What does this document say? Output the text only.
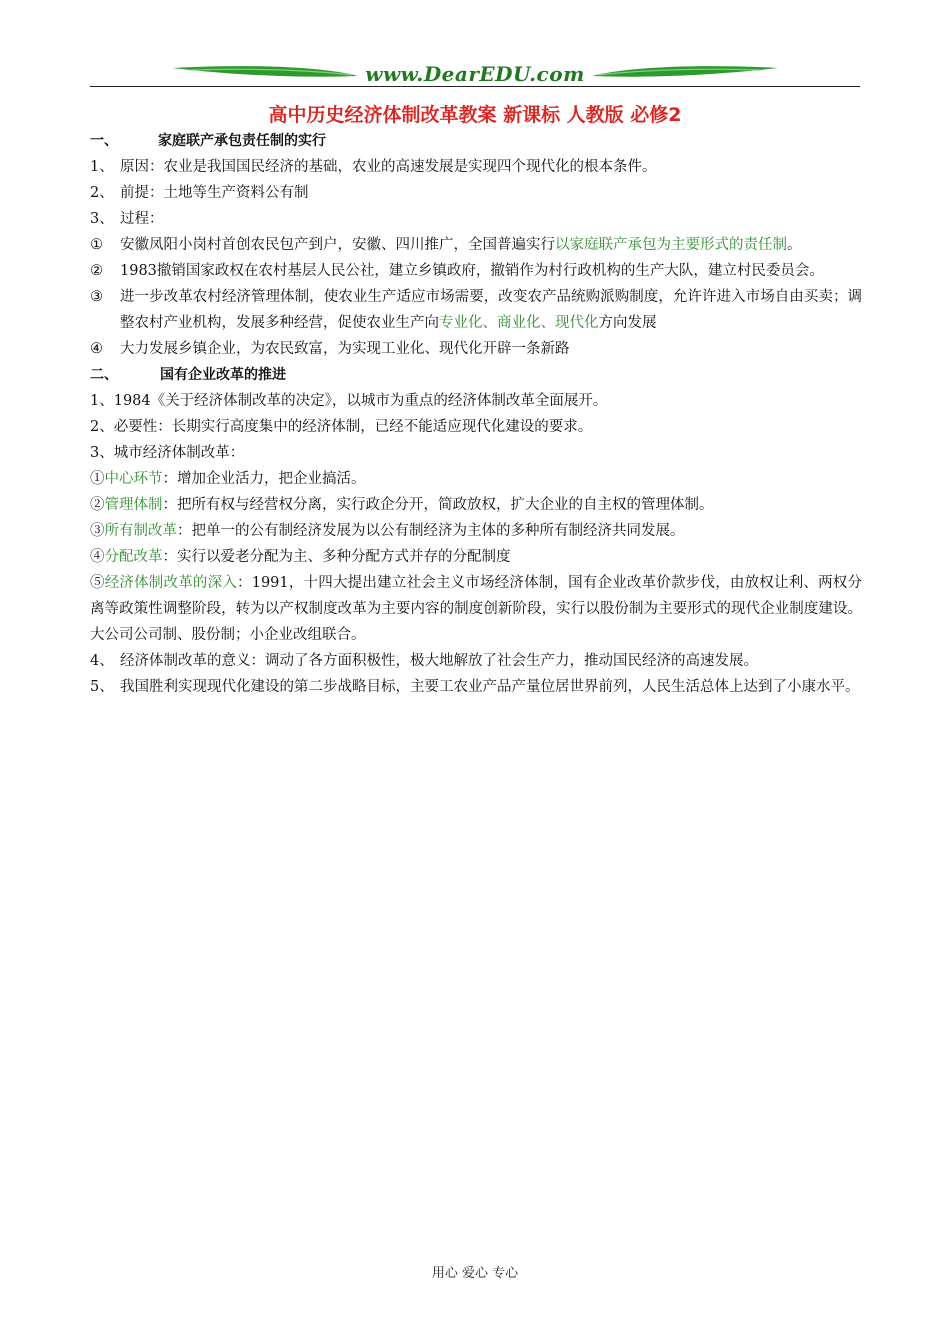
www.DearEDU.com
高中历史经济体制改革教案 新课标 人教版 必修2
一、	家庭联产承包责任制的实行
1、 原因：农业是我国国民经济的基础，农业的高速发展是实现四个现代化的根本条件。
2、 前提：土地等生产资料公有制
3、 过程：
① 安徽凤阳小岗村首创农民包产到户，安徽、四川推广，全国普遍实行以家庭联产承包为主要形式的责任制。
② 1983撤销国家政权在农村基层人民公社，建立乡镇政府，撤销作为村行政机构的生产大队，建立村民委员会。
③ 进一步改革农村经济管理体制，使农业生产适应市场需要，改变农产品统购派购制度，允许许进入市场自由买卖；调整农村产业机构，发展多种经营，促使农业生产向专业化、商业化、现代化方向发展
④ 大力发展乡镇企业，为农民致富，为实现工业化、现代化开辟一条新路
二、	国有企业改革的推进
1、1984《关于经济体制改革的决定》，以城市为重点的经济体制改革全面展开。
2、必要性：长期实行高度集中的经济体制，已经不能适应现代化建设的要求。
3、城市经济体制改革：
①中心环节：增加企业活力，把企业搞活。
②管理体制：把所有权与经营权分离，实行政企分开，简政放权，扩大企业的自主权的管理体制。
③所有制改革：把单一的公有制经济发展为以公有制经济为主体的多种所有制经济共同发展。
④分配改革：实行以爱老分配为主、多种分配方式并存的分配制度
⑤经济体制改革的深入：1991，十四大提出建立社会主义市场经济体制，国有企业改革价款步伐，由放权让利、两权分离等政策性调整阶段，转为以产权制度改革为主要内容的制度创新阶段，实行以股份制为主要形式的现代企业制度建设。大公司公司制、股份制；小企业改组联合。
4、 经济体制改革的意义：调动了各方面积极性，极大地解放了社会生产力，推动国民经济的高速发展。
5、 我国胜利实现现代化建设的第二步战略目标，主要工农业产品产量位居世界前列，人民生活总体上达到了小康水平。
用心 爱心 专心
